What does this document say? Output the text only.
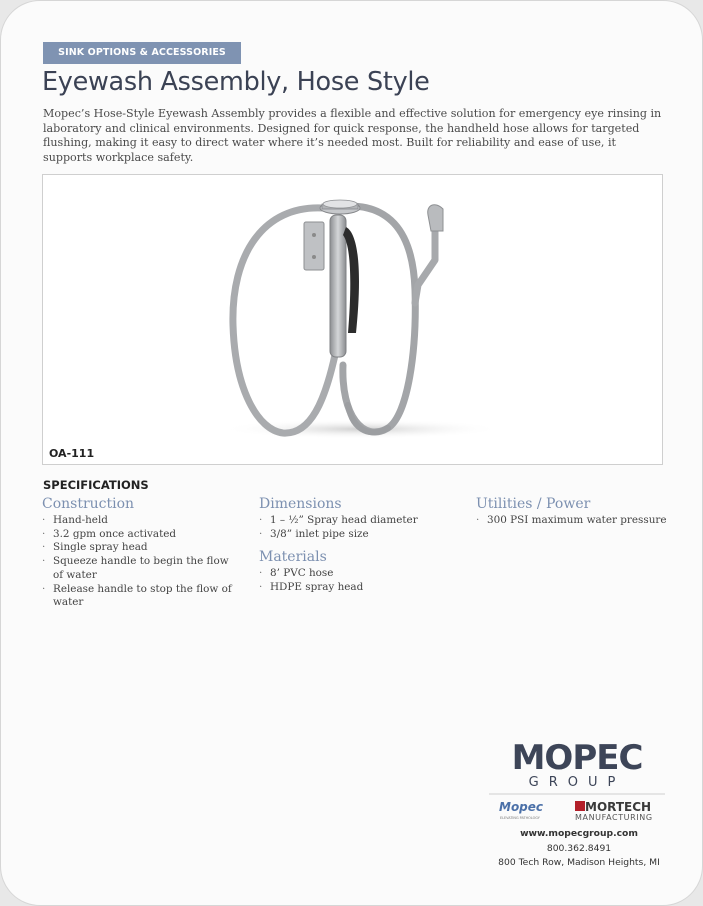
SINK OPTIONS & ACCESSORIES
Eyewash Assembly, Hose Style

Mopec’s Hose-Style Eyewash Assembly provides a flexible and effective solution for emergency eye rinsing in laboratory and clinical environments. Designed for quick response, the handheld hose allows for targeted flushing, making it easy to direct water where it’s needed most. Built for reliability and ease of use, it supports workplace safety.

OA-111
SPECIFICATIONS
Construction
· Hand-held
· 3.2 gpm once activated
· Single spray head
· Squeeze handle to begin the flow of water
· Release handle to stop the flow of water
Dimensions
· 1 – ½” Spray head diameter
· 3/8” inlet pipe size
Materials
· 8’ PVC hose
· HDPE spray head
Utilities / Power
· 300 PSI maximum water pressure
MOPEC
GROUP
Mopec
ELEVATING PATHOLOGY
MORTECH
MANUFACTURING
www.mopecgroup.com
800.362.8491
800 Tech Row, Madison Heights, MI
